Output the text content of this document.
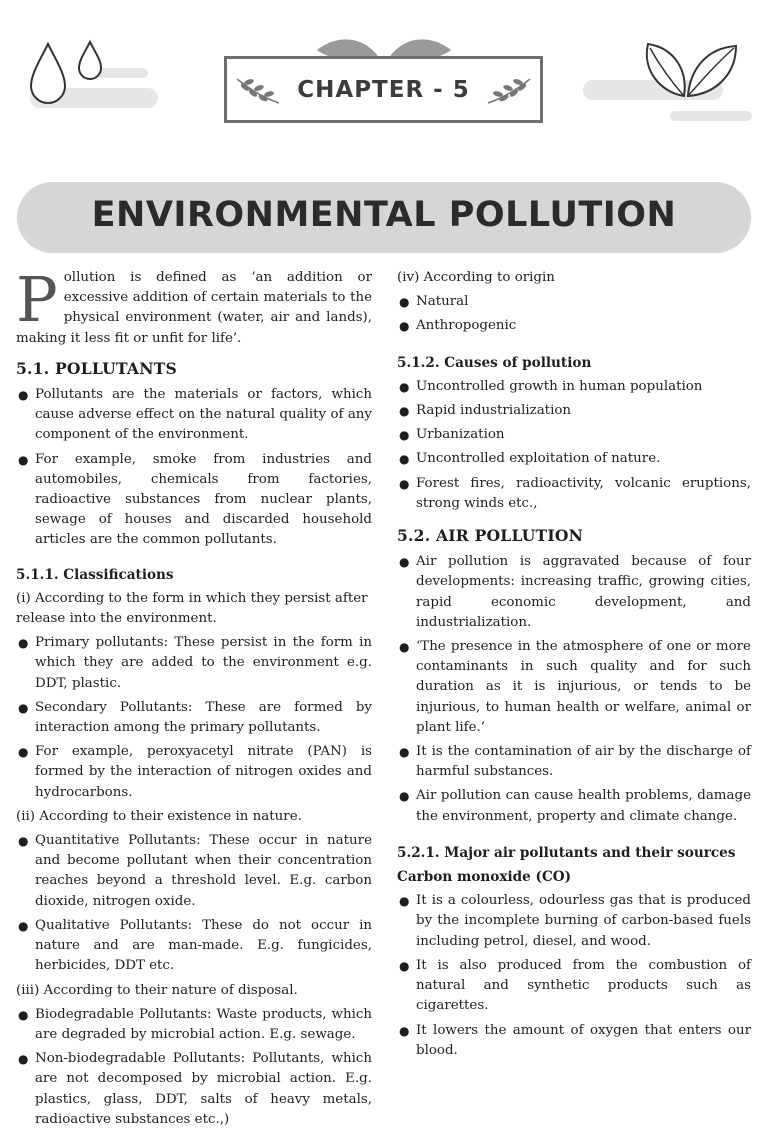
CHAPTER - 5
ENVIRONMENTAL POLLUTION

Pollution is defined as ‘an addition or excessive addition of certain materials to the physical environment (water, air and lands), making it less fit or unfit for life’.

5.1. POLLUTANTS
● Pollutants are the materials or factors, which cause adverse effect on the natural quality of any component of the environment.
● For example, smoke from industries and automobiles, chemicals from factories, radioactive substances from nuclear plants, sewage of houses and discarded household articles are the common pollutants.
5.1.1. Classifications

(i) According to the form in which they persist after release into the environment.

● Primary pollutants: These persist in the form in which they are added to the environment e.g. DDT, plastic.
● Secondary Pollutants: These are formed by interaction among the primary pollutants.
● For example, peroxyacetyl nitrate (PAN) is formed by the interaction of nitrogen oxides and hydrocarbons.

(ii) According to their existence in nature.

● Quantitative Pollutants: These occur in nature and become pollutant when their concentration reaches beyond a threshold level. E.g. carbon dioxide, nitrogen oxide.
● Qualitative Pollutants: These do not occur in nature and are man-made. E.g. fungicides, herbicides, DDT etc.

(iii) According to their nature of disposal.

● Biodegradable Pollutants: Waste products, which are degraded by microbial action. E.g. sewage.
● Non-biodegradable Pollutants: Pollutants, which are not decomposed by microbial action. E.g. plastics, glass, DDT, salts of heavy metals, radioactive substances etc.,)

(iv) According to origin

● Natural
● Anthropogenic
5.1.2. Causes of pollution
● Uncontrolled growth in human population
● Rapid industrialization
● Urbanization
● Uncontrolled exploitation of nature.
● Forest fires, radioactivity, volcanic eruptions, strong winds etc.,
5.2. AIR POLLUTION
● Air pollution is aggravated because of four developments: increasing traffic, growing cities, rapid economic development, and industrialization.
● ‘The presence in the atmosphere of one or more contaminants in such quality and for such duration as it is injurious, or tends to be injurious, to human health or welfare, animal or plant life.’
● It is the contamination of air by the discharge of harmful substances.
● Air pollution can cause health problems, damage the environment, property and climate change.
5.2.1. Major air pollutants and their sources
Carbon monoxide (CO)
● It is a colourless, odourless gas that is produced by the incomplete burning of carbon-based fuels including petrol, diesel, and wood.
● It is also produced from the combustion of natural and synthetic products such as cigarettes.
● It lowers the amount of oxygen that enters our blood.
